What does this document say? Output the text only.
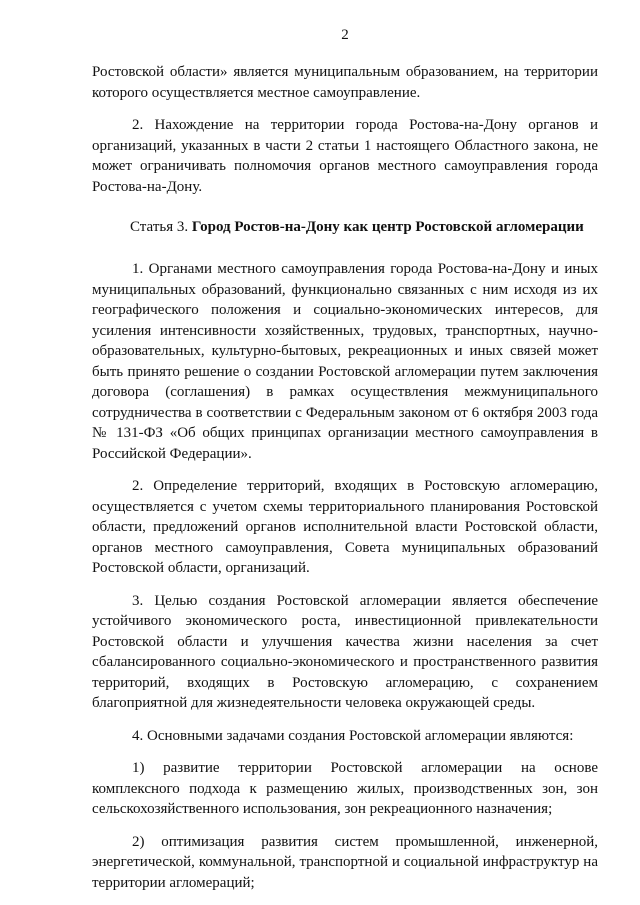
2

Ростовской области» является муниципальным образованием, на территории которого осуществляется местное самоуправление.

2. Нахождение на территории города Ростова-на-Дону органов и организаций, указанных в части 2 статьи 1 настоящего Областного закона, не может ограничивать полномочия органов местного самоуправления города Ростова-на-Дону.

Статья 3. Город Ростов-на-Дону как центр Ростовской агломерации

1. Органами местного самоуправления города Ростова-на-Дону и иных муниципальных образований, функционально связанных с ним исходя из их географического положения и социально-экономических интересов, для усиления интенсивности хозяйственных, трудовых, транспортных, научно-образовательных, культурно-бытовых, рекреационных и иных связей может быть принято решение о создании Ростовской агломерации путем заключения договора (соглашения) в рамках осуществления межмуниципального сотрудничества в соответствии с Федеральным законом от 6 октября 2003 года № 131-ФЗ «Об общих принципах организации местного самоуправления в Российской Федерации».

2. Определение территорий, входящих в Ростовскую агломерацию, осуществляется с учетом схемы территориального планирования Ростовской области, предложений органов исполнительной власти Ростовской области, органов местного самоуправления, Совета муниципальных образований Ростовской области, организаций.

3. Целью создания Ростовской агломерации является обеспечение устойчивого экономического роста, инвестиционной привлекательности Ростовской области и улучшения качества жизни населения за счет сбалансированного социально-экономического и пространственного развития территорий, входящих в Ростовскую агломерацию, с сохранением благоприятной для жизнедеятельности человека окружающей среды.

4. Основными задачами создания Ростовской агломерации являются:

1) развитие территории Ростовской агломерации на основе комплексного подхода к размещению жилых, производственных зон, зон сельскохозяйственного использования, зон рекреационного назначения;

2) оптимизация развития систем промышленной, инженерной, энергетической, коммунальной, транспортной и социальной инфраструктур на территории агломераций;
